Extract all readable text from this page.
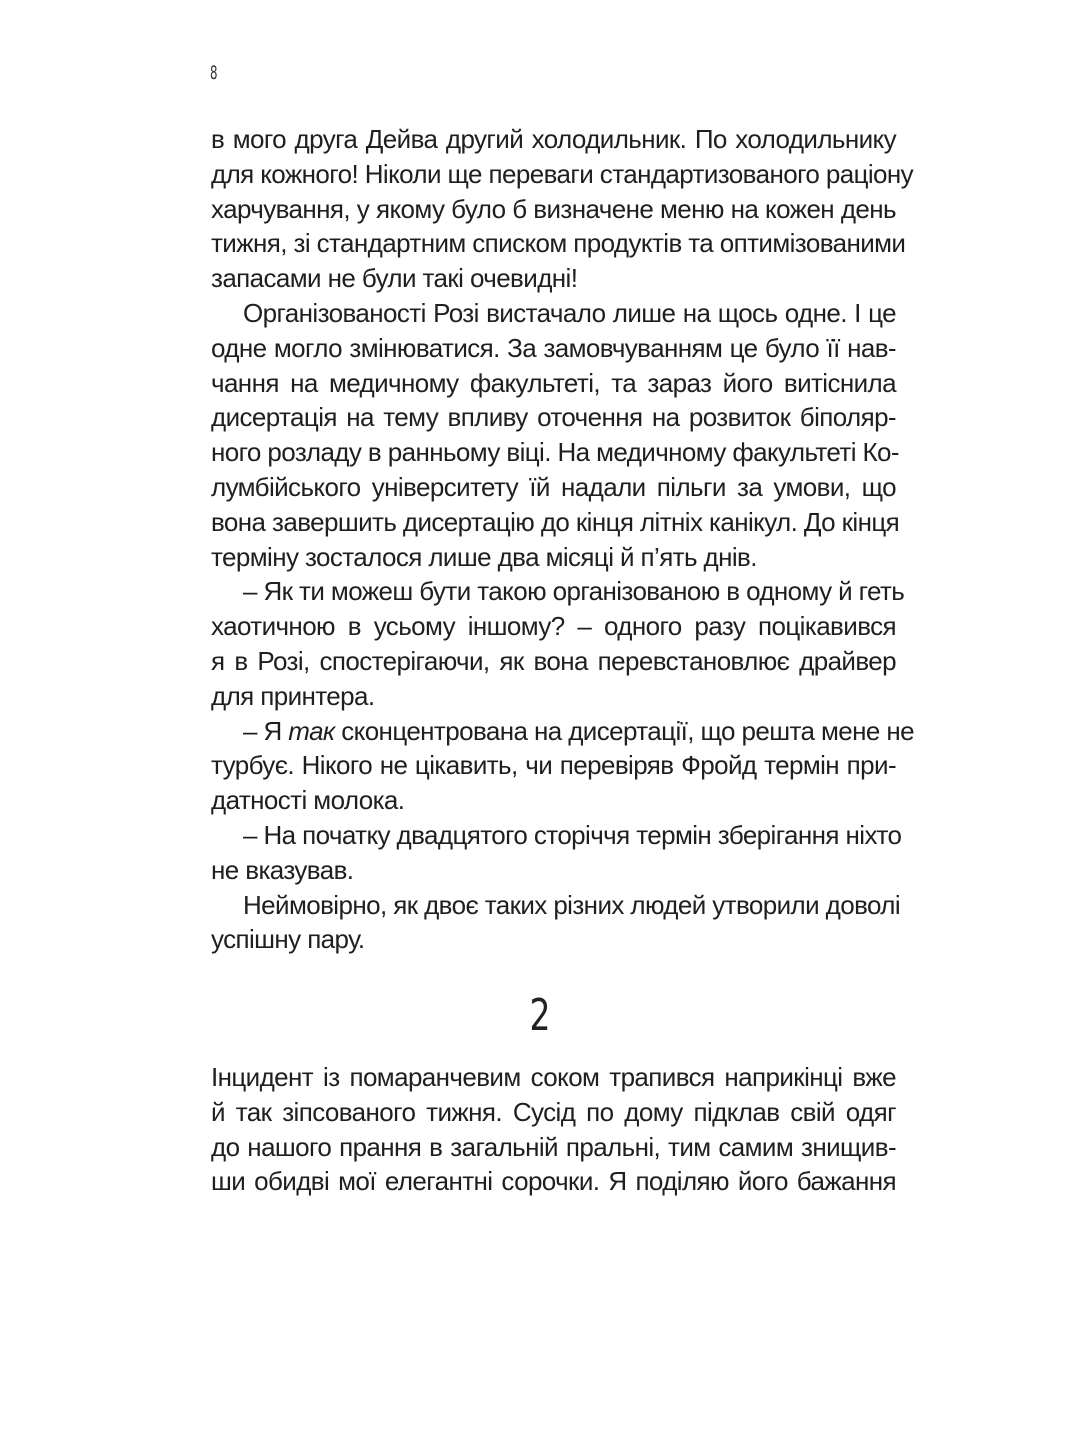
8

в мого друга Дейва другий холодильник. По холодильнику
для кожного! Ніколи ще переваги стандартизованого раціону
харчування, у якому було б визначене меню на кожен день
тижня, зі стандартним списком продуктів та оптимізованими
запасами не були такі очевидні!

Організованості Розі вистачало лише на щось одне. І це
одне могло змінюватися. За замовчуванням це було її нав-
чання на медичному факультеті, та зараз його витіснила
дисертація на тему впливу оточення на розвиток біполяр-
ного розладу в ранньому віці. На медичному факультеті Ко-
лумбійського університету їй надали пільги за умови, що
вона завершить дисертацію до кінця літніх канікул. До кінця
терміну зосталося лише два місяці й п’ять днів.

– Як ти можеш бути такою організованою в одному й геть
хаотичною в усьому іншому? – одного разу поцікавився
я в Розі, спостерігаючи, як вона перевстановлює драйвер
для принтера.

– Я так сконцентрована на дисертації, що решта мене не
турбує. Нікого не цікавить, чи перевіряв Фройд термін при-
датності молока.

– На початку двадцятого сторіччя термін зберігання ніхто
не вказував.

Неймовірно, як двоє таких різних людей утворили доволі
успішну пару.

2

Інцидент із помаранчевим соком трапився наприкінці вже
й так зіпсованого тижня. Сусід по дому підклав свій одяг
до нашого прання в загальній пральні, тим самим знищив-
ши обидві мої елегантні сорочки. Я поділяю його бажання
